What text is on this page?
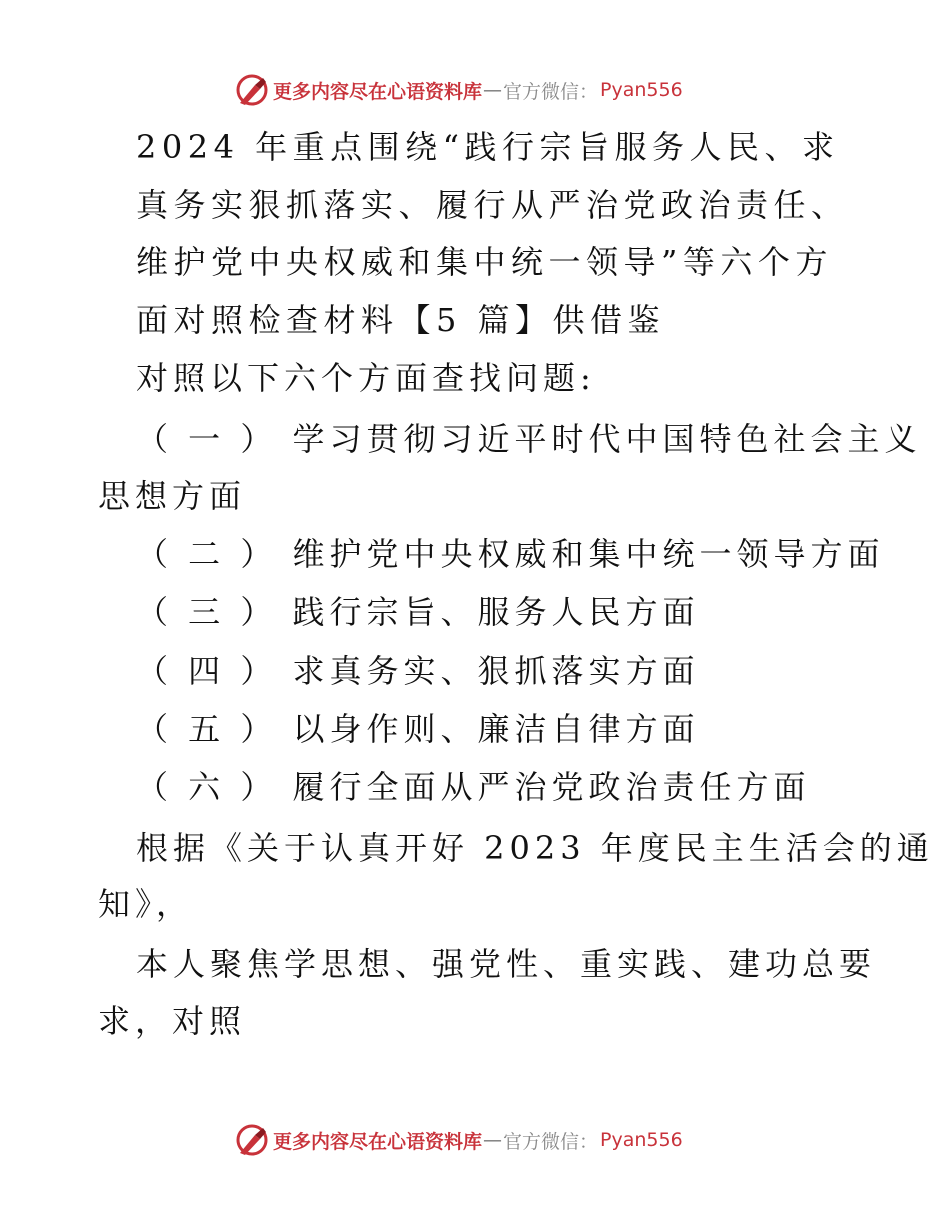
更多内容尽在心语资料库 — 官方微信： Pyan556
2024 年重点围绕“践行宗旨服务人民、求
真务实狠抓落实、履行从严治党政治责任、
维护党中央权威和集中统一领导”等六个方
面对照检查材料【5 篇】供借鉴
对照以下六个方面查找问题:
（ 一 ） 学习贯彻习近平时代中国特色社会主义
思想方面
（ 二 ） 维护党中央权威和集中统一领导方面
（ 三 ） 践行宗旨、服务人民方面
（ 四 ） 求真务实、狠抓落实方面
（ 五 ） 以身作则、廉洁自律方面
（ 六 ） 履行全面从严治党政治责任方面
根据《关于认真开好 2023 年度民主生活会的通
知》，
本人聚焦学思想、强党性、重实践、建功总要
求，对照
更多内容尽在心语资料库 — 官方微信： Pyan556
